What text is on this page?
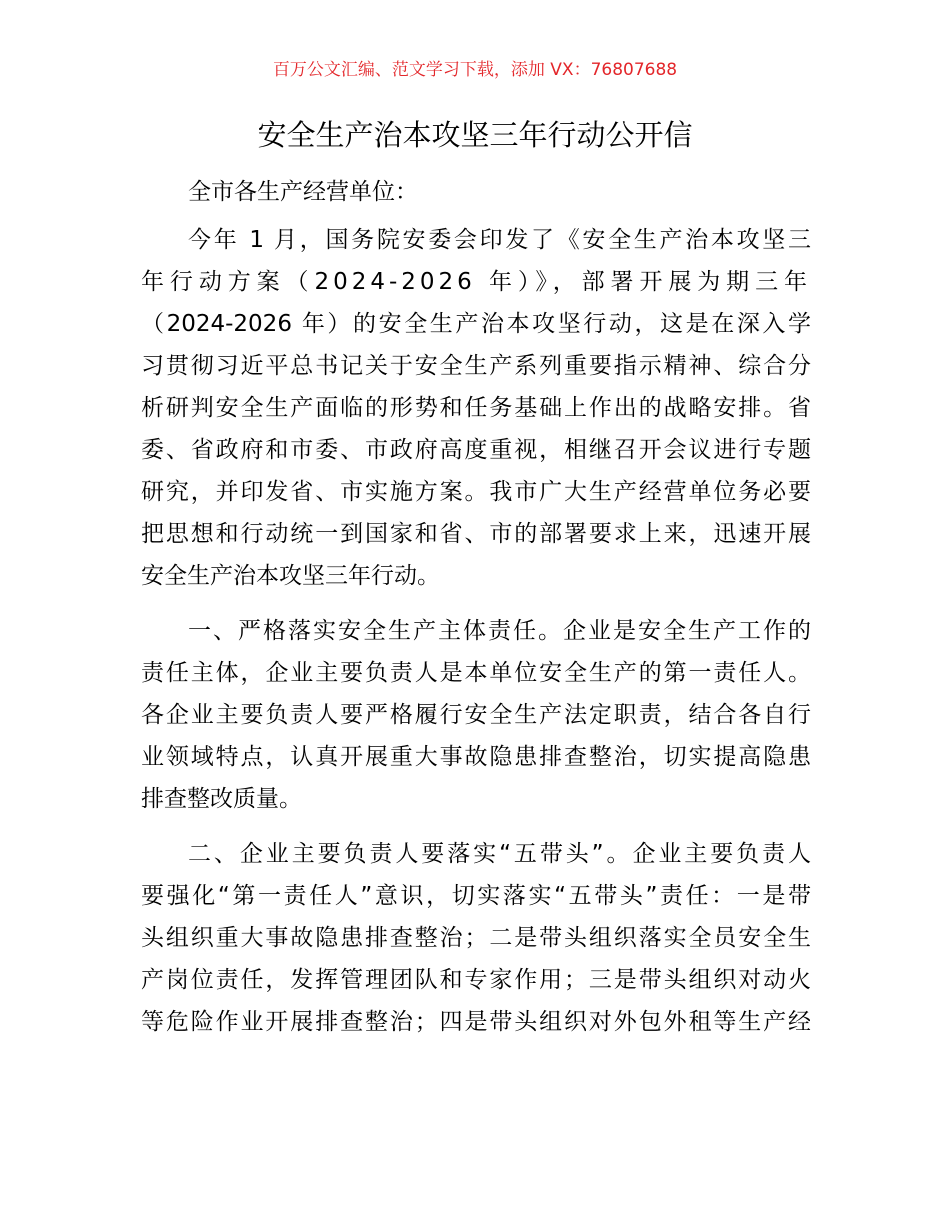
百万公文汇编、范文学习下载，添加 VX：76807688
安全生产治本攻坚三年行动公开信
全市各生产经营单位：
今年 1 月，国务院安委会印发了《安全生产治本攻坚三
年行动方案（2024-2026 年）》，部署开展为期三年
（2024-2026 年）的安全生产治本攻坚行动，这是在深入学
习贯彻习近平总书记关于安全生产系列重要指示精神、综合分
析研判安全生产面临的形势和任务基础上作出的战略安排。省
委、省政府和市委、市政府高度重视，相继召开会议进行专题
研究，并印发省、市实施方案。我市广大生产经营单位务必要
把思想和行动统一到国家和省、市的部署要求上来，迅速开展
安全生产治本攻坚三年行动。
一、严格落实安全生产主体责任。企业是安全生产工作的
责任主体，企业主要负责人是本单位安全生产的第一责任人。
各企业主要负责人要严格履行安全生产法定职责，结合各自行
业领域特点，认真开展重大事故隐患排查整治，切实提高隐患
排查整改质量。
二、企业主要负责人要落实“五带头”。企业主要负责人
要强化“第一责任人”意识，切实落实“五带头”责任：一是带
头组织重大事故隐患排查整治；二是带头组织落实全员安全生
产岗位责任，发挥管理团队和专家作用；三是带头组织对动火
等危险作业开展排查整治；四是带头组织对外包外租等生产经
